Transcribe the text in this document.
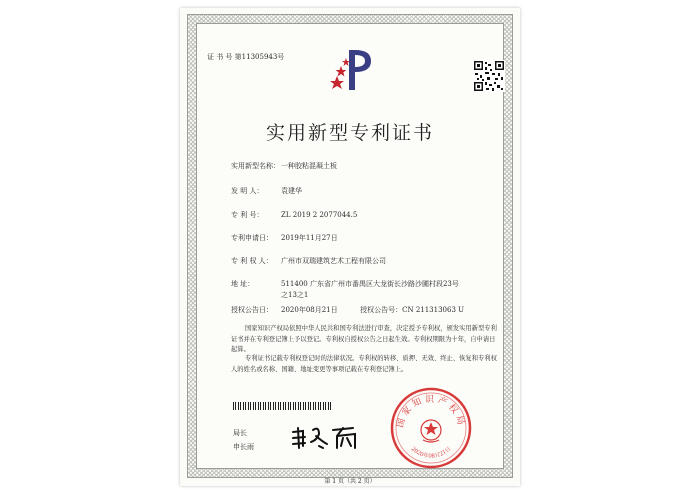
证 书 号 第11305943号
实用新型专利证书
实用新型名称：一种胶粘混凝土板
发 明 人：	袁建华
专 利 号：	ZL 2019 2 2077044.5
专利申请日： 2019年11月27日
专 利 权 人： 广州市双瑞建筑艺术工程有限公司
地 址：	511400 广东省广州市番禺区大龙街长沙路沙圃村段23号
之13之1
授权公告日： 2020年08月21日	授权公告号：CN 211313063 U
国家知识产权局依照中华人民共和国专利法进行审查，决定授予专利权，颁发实用新型专利证书并在专利登记簿上予以登记。专利权自授权公告之日起生效。专利权期限为十年，自申请日起算。
专利证书记载专利权登记时的法律状况。专利权的转移、质押、无效、终止、恢复和专利权人的姓名或名称、国籍、地址变更等事项记载在专利登记簿上。
局长
申长雨
国家知识产权局
2020年08月21日
第 1 页（共 2 页）
